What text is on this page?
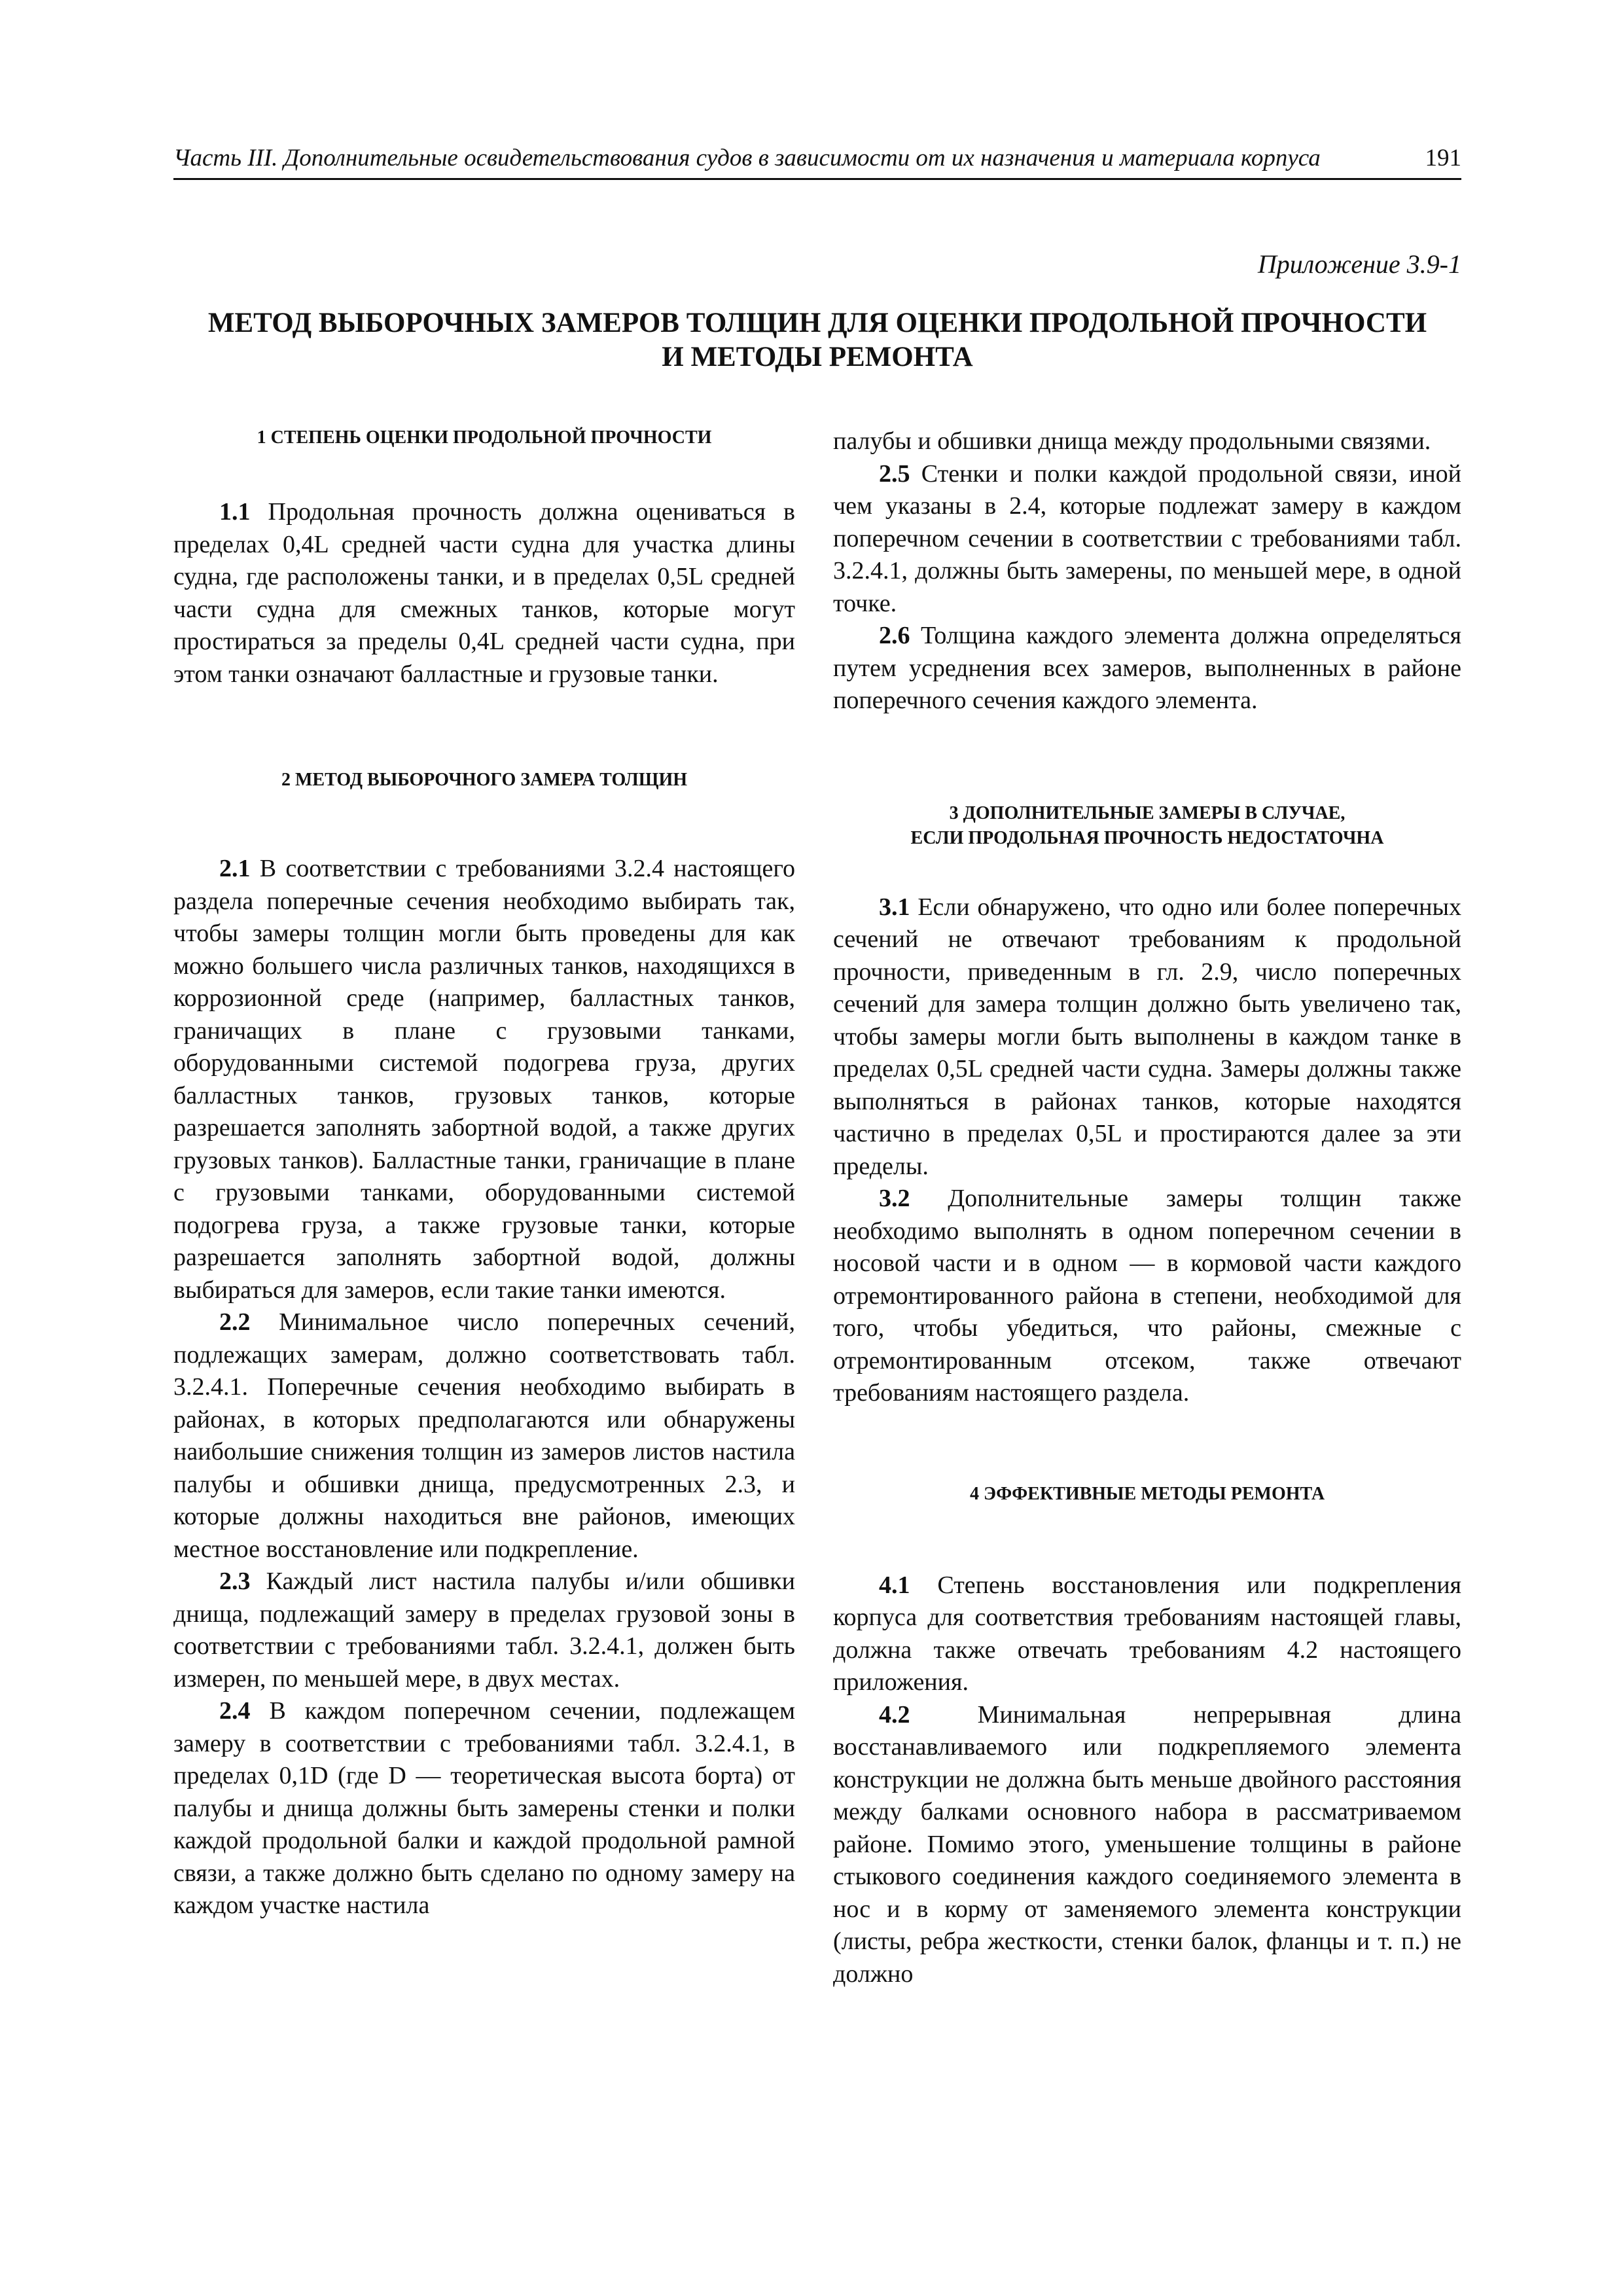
Часть III. Дополнительные освидетельствования судов в зависимости от их назначения и материала корпуса	191
Приложение 3.9-1
МЕТОД ВЫБОРОЧНЫХ ЗАМЕРОВ ТОЛЩИН ДЛЯ ОЦЕНКИ ПРОДОЛЬНОЙ ПРОЧНОСТИ
И МЕТОДЫ РЕМОНТА
1 СТЕПЕНЬ ОЦЕНКИ ПРОДОЛЬНОЙ ПРОЧНОСТИ

1.1 Продольная прочность должна оцениваться в пределах 0,4L средней части судна для участка длины судна, где расположены танки, и в пределах 0,5L средней части судна для смежных танков, которые могут простираться за пределы 0,4L средней части судна, при этом танки означают балластные и грузовые танки.

2 МЕТОД ВЫБОРОЧНОГО ЗАМЕРА ТОЛЩИН

2.1 В соответствии с требованиями 3.2.4 настоящего раздела поперечные сечения необходимо выбирать так, чтобы замеры толщин могли быть проведены для как можно большего числа различных танков, находящихся в коррозионной среде (например, балластных танков, граничащих в плане с грузовыми танками, оборудованными системой подогрева груза, других балластных танков, грузовых танков, которые разрешается заполнять забортной водой, а также других грузовых танков). Балластные танки, граничащие в плане с грузовыми танками, оборудованными системой подогрева груза, а также грузовые танки, которые разрешается заполнять забортной водой, должны выбираться для замеров, если такие танки имеются.

2.2 Минимальное число поперечных сечений, подлежащих замерам, должно соответствовать табл. 3.2.4.1. Поперечные сечения необходимо выбирать в районах, в которых предполагаются или обнаружены наибольшие снижения толщин из замеров листов настила палубы и обшивки днища, предусмотренных 2.3, и которые должны находиться вне районов, имеющих местное восстановление или подкрепление.

2.3 Каждый лист настила палубы и/или обшивки днища, подлежащий замеру в пределах грузовой зоны в соответствии с требованиями табл. 3.2.4.1, должен быть измерен, по меньшей мере, в двух местах.

2.4 В каждом поперечном сечении, подлежащем замеру в соответствии с требованиями табл. 3.2.4.1, в пределах 0,1D (где D — теоретическая высота борта) от палубы и днища должны быть замерены стенки и полки каждой продольной балки и каждой продольной рамной связи, а также должно быть сделано по одному замеру на каждом участке настила

палубы и обшивки днища между продольными связями.

2.5 Стенки и полки каждой продольной связи, иной чем указаны в 2.4, которые подлежат замеру в каждом поперечном сечении в соответствии с требованиями табл. 3.2.4.1, должны быть замерены, по меньшей мере, в одной точке.

2.6 Толщина каждого элемента должна определяться путем усреднения всех замеров, выполненных в районе поперечного сечения каждого элемента.

3 ДОПОЛНИТЕЛЬНЫЕ ЗАМЕРЫ В СЛУЧАЕ,
ЕСЛИ ПРОДОЛЬНАЯ ПРОЧНОСТЬ НЕДОСТАТОЧНА

3.1 Если обнаружено, что одно или более поперечных сечений не отвечают требованиям к продольной прочности, приведенным в гл. 2.9, число поперечных сечений для замера толщин должно быть увеличено так, чтобы замеры могли быть выполнены в каждом танке в пределах 0,5L средней части судна. Замеры должны также выполняться в районах танков, которые находятся частично в пределах 0,5L и простираются далее за эти пределы.

3.2 Дополнительные замеры толщин также необходимо выполнять в одном поперечном сечении в носовой части и в одном — в кормовой части каждого отремонтированного района в степени, необходимой для того, чтобы убедиться, что районы, смежные с отремонтированным отсеком, также отвечают требованиям настоящего раздела.

4 ЭФФЕКТИВНЫЕ МЕТОДЫ РЕМОНТА

4.1 Степень восстановления или подкрепления корпуса для соответствия требованиям настоящей главы, должна также отвечать требованиям 4.2 настоящего приложения.

4.2	Минимальная непрерывная длина восстанавливаемого или подкрепляемого элемента конструкции не должна быть меньше двойного расстояния между балками основного набора в рассматриваемом районе. Помимо этого, уменьшение толщины в районе стыкового соединения каждого соединяемого элемента в нос и в корму от заменяемого элемента конструкции (листы, ребра жесткости, стенки балок, фланцы и т. п.) не должно
